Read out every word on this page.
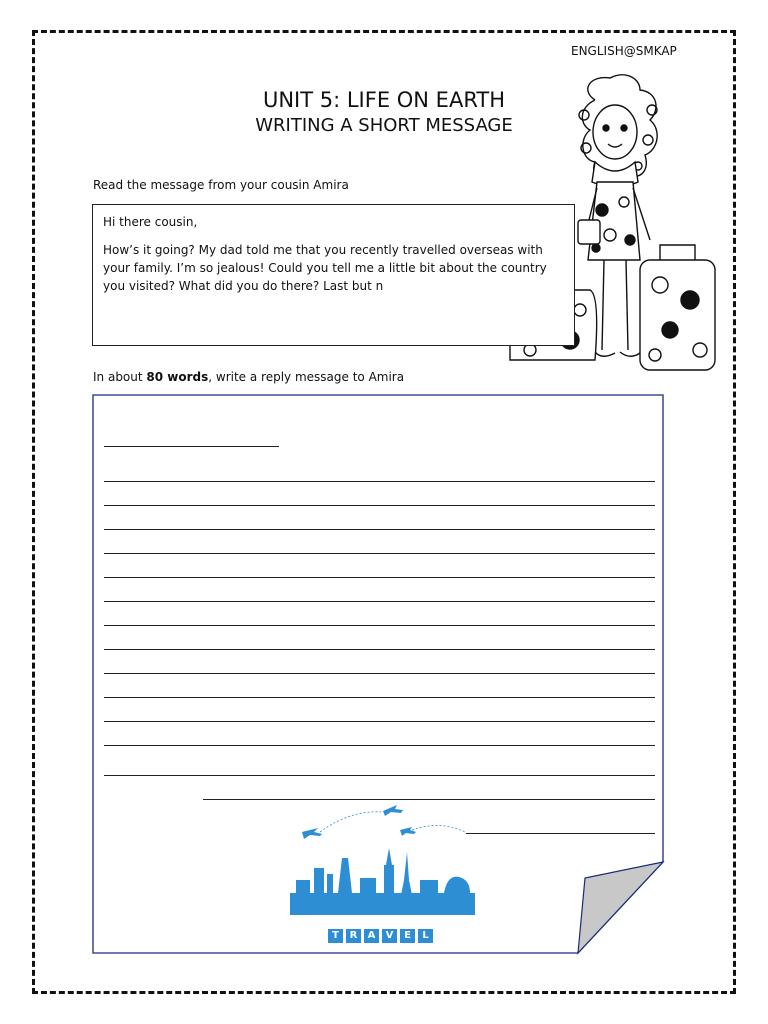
ENGLISH@SMKAP
UNIT 5: LIFE ON EARTH
WRITING A SHORT MESSAGE
Read the message from your cousin Amira

Hi there cousin,

How’s it going? My dad told me that you recently travelled overseas with your family. I’m so jealous! Could you tell me a little bit about the country you visited? What did you do there? Last but n

In about 80 words, write a reply message to Amira
T	R	A	V	E	L
